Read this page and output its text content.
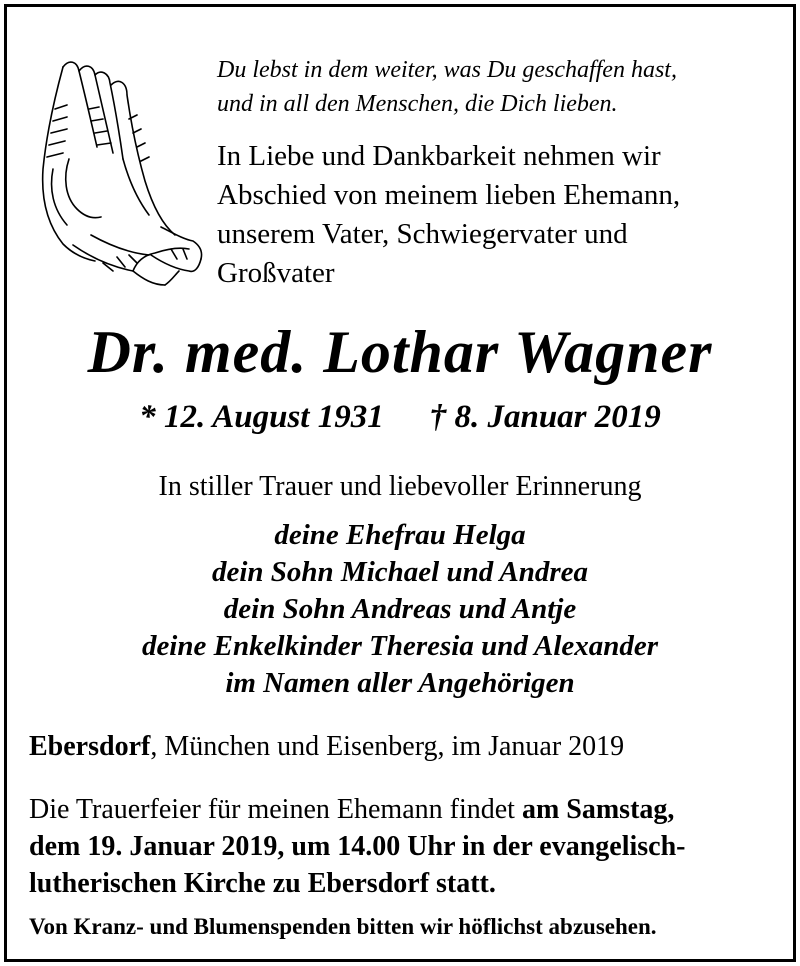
Du lebst in dem weiter, was Du geschaffen hast,
und in all den Menschen, die Dich lieben.
In Liebe und Dankbarkeit nehmen wir
Abschied von meinem lieben Ehemann,
unserem Vater, Schwiegervater und
Großvater
Dr. med. Lothar Wagner
* 12. August 1931 † 8. Januar 2019
In stiller Trauer und liebevoller Erinnerung
deine Ehefrau Helga
dein Sohn Michael und Andrea
dein Sohn Andreas und Antje
deine Enkelkinder Theresia und Alexander
im Namen aller Angehörigen
Ebersdorf, München und Eisenberg, im Januar 2019
Die Trauerfeier für meinen Ehemann findet am Samstag,
dem 19. Januar 2019, um 14.00 Uhr in der evangelisch-
lutherischen Kirche zu Ebersdorf statt.
Von Kranz- und Blumenspenden bitten wir höflichst abzusehen.
